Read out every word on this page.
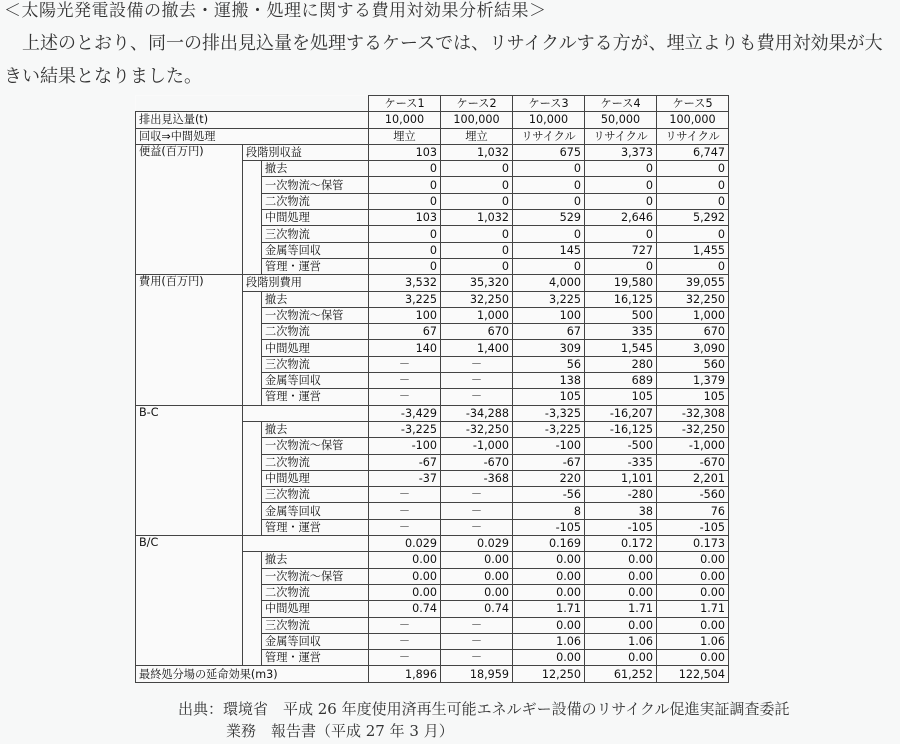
＜太陽光発電設備の撤去・運搬・処理に関する費用対効果分析結果＞

上述のとおり、同一の排出見込量を処理するケースでは、リサイクルする方が、埋立よりも費用対効果が大きい結果となりました。

			ケース1	ケース2	ケース3	ケース4	ケース5
排出見込量(t)			10,000	100,000	10,000	50,000	100,000
回収⇒中間処理			埋立	埋立	リサイクル	リサイクル	リサイクル
便益(百万円)	段階別収益		103	1,032	675	3,373	6,747
		撤去	0	0	0	0	0
		一次物流～保管	0	0	0	0	0
		二次物流	0	0	0	0	0
		中間処理	103	1,032	529	2,646	5,292
		三次物流	0	0	0	0	0
		金属等回収	0	0	145	727	1,455
		管理・運営	0	0	0	0	0
費用(百万円)	段階別費用		3,532	35,320	4,000	19,580	39,055
		撤去	3,225	32,250	3,225	16,125	32,250
		一次物流～保管	100	1,000	100	500	1,000
		二次物流	67	670	67	335	670
		中間処理	140	1,400	309	1,545	3,090
		三次物流	－	－	56	280	560
		金属等回収	－	－	138	689	1,379
		管理・運営	－	－	105	105	105
B-C			-3,429	-34,288	-3,325	-16,207	-32,308
		撤去	-3,225	-32,250	-3,225	-16,125	-32,250
		一次物流～保管	-100	-1,000	-100	-500	-1,000
		二次物流	-67	-670	-67	-335	-670
		中間処理	-37	-368	220	1,101	2,201
		三次物流	－	－	-56	-280	-560
		金属等回収	－	－	8	38	76
		管理・運営	－	－	-105	-105	-105
B/C			0.029	0.029	0.169	0.172	0.173
		撤去	0.00	0.00	0.00	0.00	0.00
		一次物流～保管	0.00	0.00	0.00	0.00	0.00
		二次物流	0.00	0.00	0.00	0.00	0.00
		中間処理	0.74	0.74	1.71	1.71	1.71
		三次物流	－	－	0.00	0.00	0.00
		金属等回収	－	－	1.06	1.06	1.06
		管理・運営	－	－	0.00	0.00	0.00
最終処分場の延命効果(m3)			1,896	18,959	12,250	61,252	122,504
出典：環境省　平成 26 年度使用済再生可能エネルギー設備のリサイクル促進実証調査委託
業務　報告書（平成 27 年 3 月）
